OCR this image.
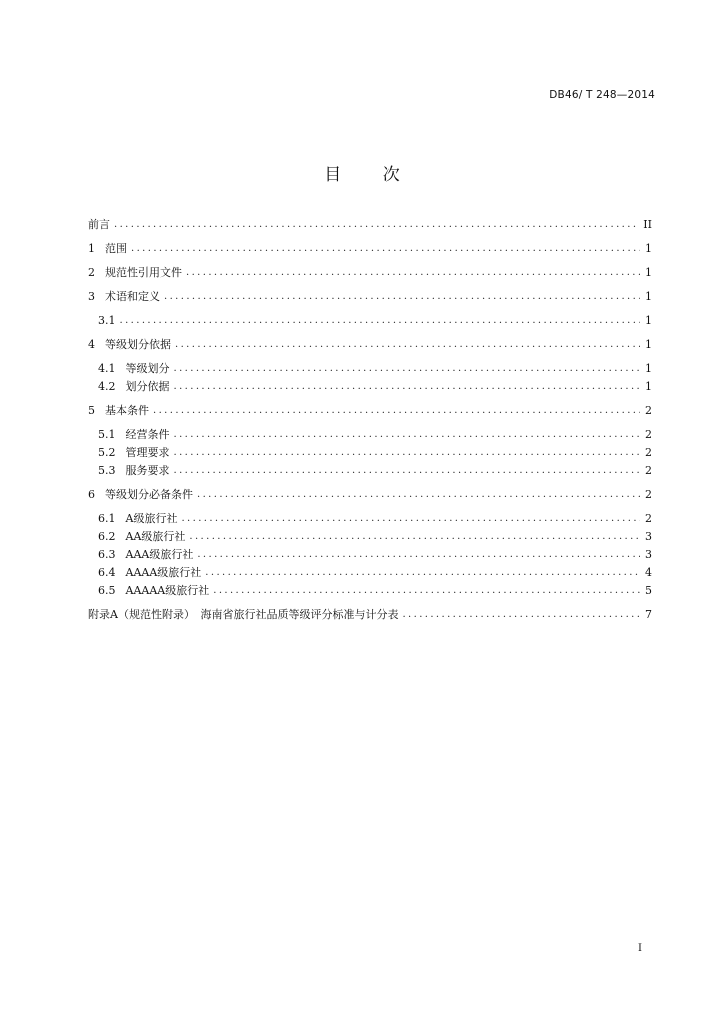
DB46/ T 248—2014
目 次
前言 .....	II
1 范围 .....	1
2 规范性引用文件 .....	1
3 术语和定义 .....	1
3.1 .....	1
4 等级划分依据 .....	1
4.1 等级划分 .....	1
4.2 划分依据 .....	1
5 基本条件 .....	2
5.1 经营条件 .....	2
5.2 管理要求 .....	2
5.3 服务要求 .....	2
6 等级划分必备条件 .....	2
6.1 A级旅行社 .....	2
6.2 AA级旅行社 .....	3
6.3 AAA级旅行社 .....	3
6.4 AAAA级旅行社 .....	4
6.5 AAAAA级旅行社 .....	5
附录A（规范性附录）　海南省旅行社品质等级评分标准与计分表 .....	7
I
